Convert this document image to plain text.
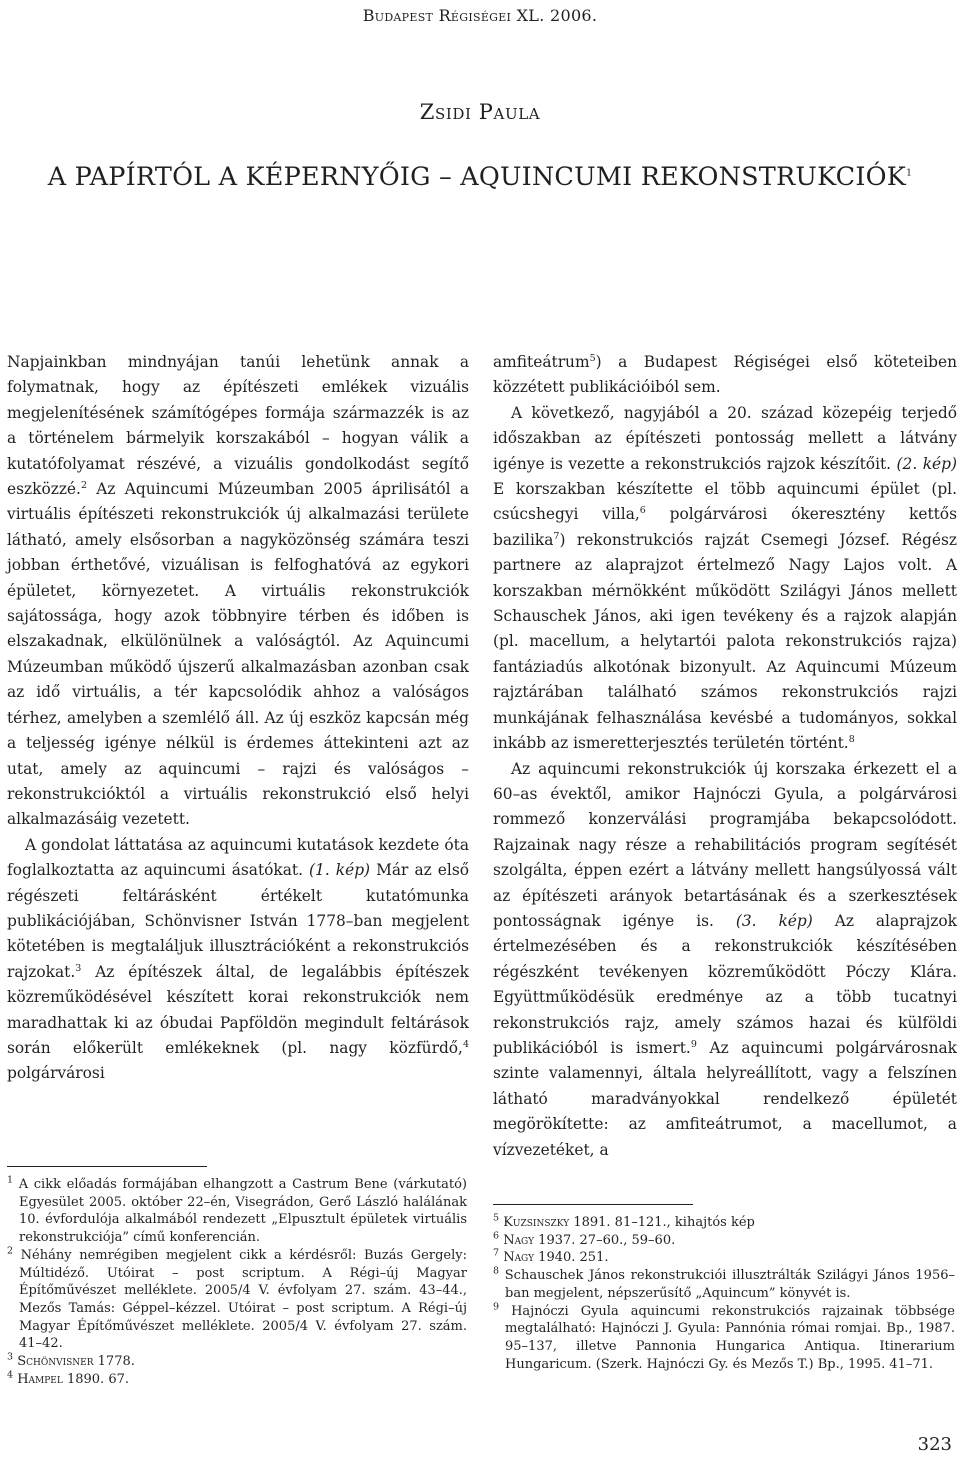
Budapest Régiségei XL. 2006.
Zsidi Paula
A PAPÍRTÓL A KÉPERNYŐIG – AQUINCUMI REKONSTRUKCIÓK$^1$

Napjainkban mindnyájan tanúi lehetünk annak a folymatnak, hogy az építészeti emlékek vizuális megjelenítésének számítógépes formája származzék is az a történelem bármelyik korszakából – hogyan válik a kutatófolyamat részévé, a vizuális gondolkodást segítő eszközzé.$^2$ Az Aquincumi Múzeumban 2005 áprilisától a virtuális építészeti rekonstrukciók új alkalmazási területe látható, amely elsősorban a nagyközönség számára teszi jobban érthetővé, vizuálisan is felfoghatóvá az egykori épületet, környezetet. A virtuális rekonstrukciók sajátossága, hogy azok többnyire térben és időben is elszakadnak, elkülönülnek a valóságtól. Az Aquincumi Múzeumban működő újszerű alkalmazásban azonban csak az idő virtuális, a tér kapcsolódik ahhoz a valóságos térhez, amelyben a szemlélő áll. Az új eszköz kapcsán még a teljesség igénye nélkül is érdemes áttekinteni azt az utat, amely az aquincumi – rajzi és valóságos – rekonstrukcióktól a virtuális rekonstrukció első helyi alkalmazásáig vezetett.

A gondolat láttatása az aquincumi kutatások kezdete óta foglalkoztatta az aquincumi ásatókat. (1. kép) Már az első régészeti feltárásként értékelt kutatómunka publikációjában, Schönvisner István 1778–ban megjelent kötetében is megtaláljuk illusztrációként a rekonstrukciós rajzokat.$^3$ Az építészek által, de legalábbis építészek közreműködésével készített korai rekonstrukciók nem maradhattak ki az óbudai Papföldön megindult feltárások során előkerült emlékeknek (pl. nagy közfürdő,$^4$ polgárvárosi

amfiteátrum$^5$) a Budapest Régiségei első köteteiben közzétett publikációiból sem.

A következő, nagyjából a 20. század közepéig terjedő időszakban az építészeti pontosság mellett a látvány igénye is vezette a rekonstrukciós rajzok készítőit. (2. kép) E korszakban készítette el több aquincumi épület (pl. csúcshegyi villa,$^6$ polgárvárosi ókeresztény kettős bazilika$^7$) rekonstrukciós rajzát Csemegi József. Régész partnere az alaprajzot értelmező Nagy Lajos volt. A korszakban mérnökként működött Szilágyi János mellett Schauschek János, aki igen tevékeny és a rajzok alapján (pl. macellum, a helytartói palota rekonstrukciós rajza) fantáziadús alkotónak bizonyult. Az Aquincumi Múzeum rajztárában található számos rekonstrukciós rajzi munkájának felhasználása kevésbé a tudományos, sokkal inkább az ismeretterjesztés területén történt.$^8$

Az aquincumi rekonstrukciók új korszaka érkezett el a 60–as évektől, amikor Hajnóczi Gyula, a polgárvárosi rommező konzerválási programjába bekapcsolódott. Rajzainak nagy része a rehabilitációs program segítését szolgálta, éppen ezért a látvány mellett hangsúlyossá vált az építészeti arányok betartásának és a szerkesztések pontosságnak igénye is. (3. kép) Az alaprajzok értelmezésében és a rekonstrukciók készítésében régészként tevékenyen közreműködött Póczy Klára. Együttműködésük eredménye az a több tucatnyi rekonstrukciós rajz, amely számos hazai és külföldi publikációból is ismert.$^9$ Az aquincumi polgárvárosnak szinte valamennyi, általa helyreállított, vagy a felszínen látható maradványokkal rendelkező épületét megörökítette: az amfiteátrumot, a macellumot, a vízvezetéket, a

$^1$ A cikk előadás formájában elhangzott a Castrum Bene (várkutató) Egyesület 2005. október 22–én, Visegrádon, Gerő László halálának 10. évfordulója alkalmából rendezett „Elpusztult épületek virtuális rekonstrukciója” című konferencián.

$^2$ Néhány nemrégiben megjelent cikk a kérdésről: Buzás Gergely: Múltidéző. Utóirat – post scriptum. A Régi–új Magyar Építőművészet melléklete. 2005/4 V. évfolyam 27. szám. 43–44., Mezős Tamás: Géppel–kézzel. Utóirat – post scriptum. A Régi–új Magyar Építőművészet melléklete. 2005/4 V. évfolyam 27. szám. 41–42.

$^3$ Schönvisner 1778.

$^4$ Hampel 1890. 67.

$^5$ Kuzsinszky 1891. 81–121., kihajtós kép

$^6$ Nagy 1937. 27–60., 59–60.

$^7$ Nagy 1940. 251.

$^8$ Schauschek János rekonstrukciói illusztrálták Szilágyi János 1956–ban megjelent, népszerűsítő „Aquincum” könyvét is.

$^9$ Hajnóczi Gyula aquincumi rekonstrukciós rajzainak többsége megtalálható: Hajnóczi J. Gyula: Pannónia római romjai. Bp., 1987. 95–137, illetve Pannonia Hungarica Antiqua. Itinerarium Hungaricum. (Szerk. Hajnóczi Gy. és Mezős T.) Bp., 1995. 41–71.

323
